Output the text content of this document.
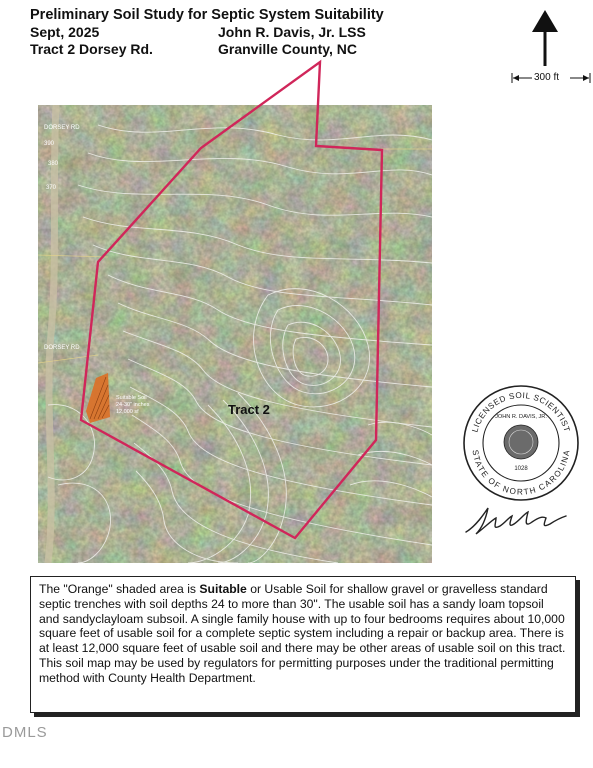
Preliminary Soil Study for Septic System Suitability
Sept, 2025	John R. Davis, Jr. LSS
Tract 2 Dorsey Rd.	Granville County, NC
300 ft
DORSEY RD
DORSEY RD
390
380
370
Suitable Soil
24-30" inches
12,000 sf	Tract 2
LICENSED SOIL SCIENTIST
STATE OF NORTH CAROLINA
JOHN R. DAVIS, JR.
1028
The "Orange" shaded area is Suitable or Usable Soil for shallow gravel or gravelless standard septic trenches with soil depths 24 to more than 30". The usable soil has a sandy loam topsoil and sandyclayloam subsoil. A single family house with up to four bedrooms requires about 10,000 square feet of usable soil for a complete septic system including a repair or backup area. There is at least 12,000 square feet of usable soil and there may be other areas of usable soil on this tract. This soil map may be used by regulators for permitting purposes under the traditional permitting method with County Health Department.
DMLS
